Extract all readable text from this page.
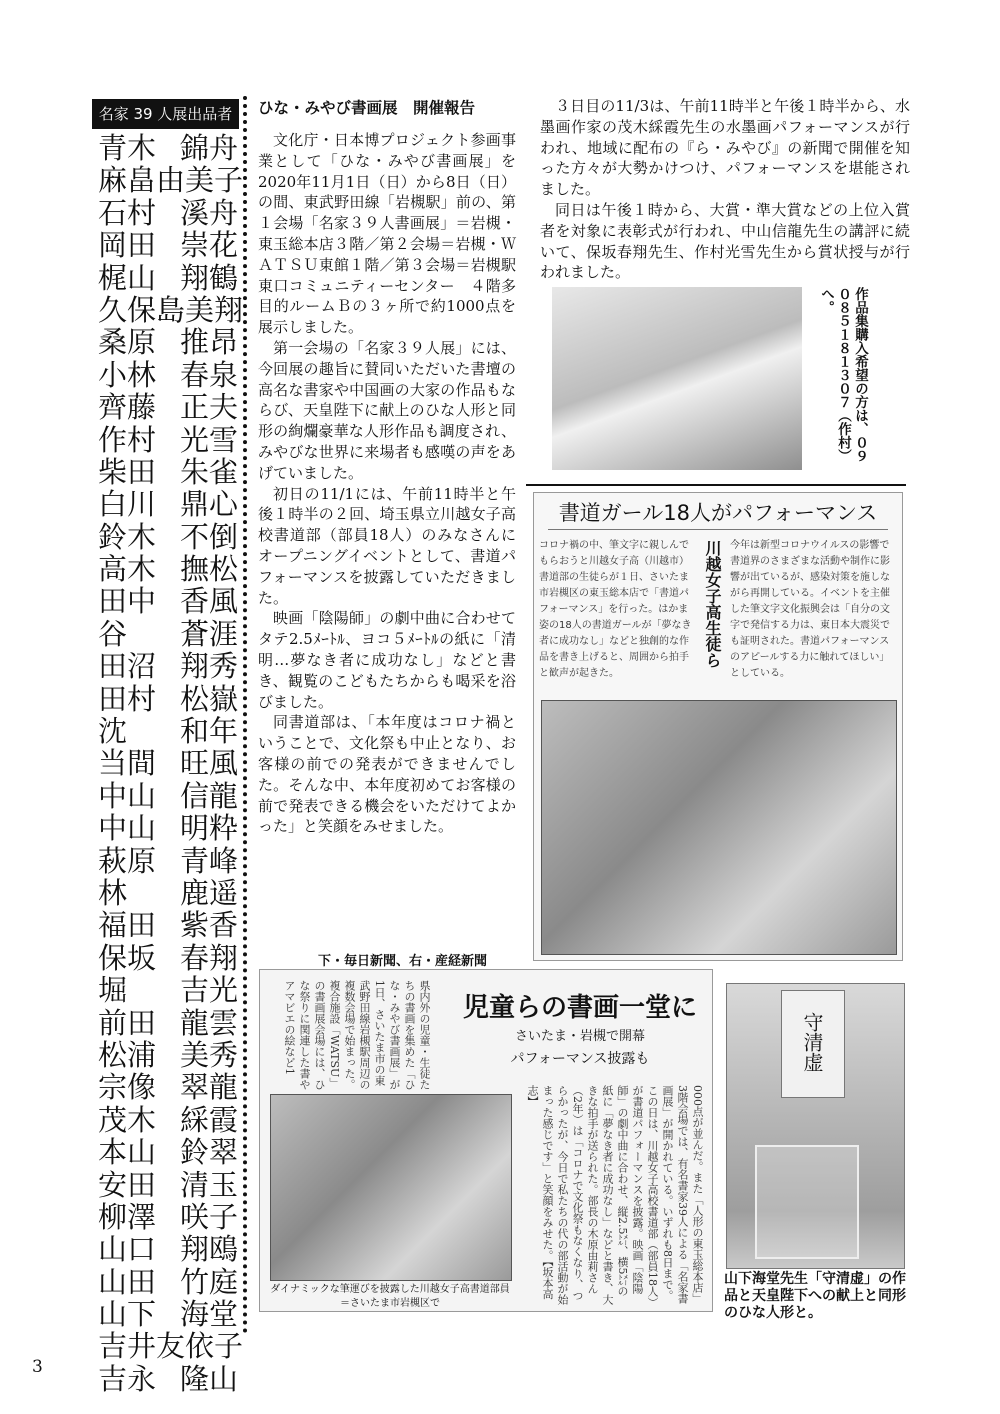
名家 39 人展出品者
青木 錦舟
麻畠由 美子
石村 溪舟
岡田 崇花
梶山 翔鶴
久保島 美翔
桑原 推昂
小林 春泉
齊藤 正夫
作村 光雪
柴田 朱雀
白川 鼎心
鈴木 不倒
高木 撫松
田中 香風
谷 蒼涯
田沼 翔秀
田村 松嶽
沈 和年
当間 旺風
中山 信龍
中山 明粋
萩原 青峰
林 鹿遥
福田 紫香
保坂 春翔
堀 吉光
前田 龍雲
松浦 美秀
宗像 翠龍
茂木 綵霞
本山 鈴翠
安田 清玉
柳澤 咲子
山口 翔鴎
山田 竹庭
山下 海堂
吉井友 依子
吉永 隆山
ひな・みやび書画展　開催報告

文化庁・日本博プロジェクト参画事業として「ひな・みやび書画展」を2020年11月1日（日）から8日（日）の間、東武野田線「岩槻駅」前の、第１会場「名家３９人書画展」＝岩槻・東玉総本店３階／第２会場＝岩槻・ＷＡＴＳＵ東館１階／第３会場＝岩槻駅東口コミュニティーセンター　４階多目的ルームＢの３ヶ所で約1000点を展示しました。

第一会場の「名家３９人展」には、今回展の趣旨に賛同いただいた書壇の高名な書家や中国画の大家の作品もならび、天皇陛下に献上のひな人形と同形の絢爛豪華な人形作品も調度され、みやびな世界に来場者も感嘆の声をあげていました。

初日の11/1には、午前11時半と午後１時半の２回、埼玉県立川越女子高校書道部（部員18人）のみなさんにオープニングイベントとして、書道パフォーマンスを披露していただきました。

映画「陰陽師」の劇中曲に合わせてタテ2.5ﾒｰﾄﾙ、ヨコ５ﾒｰﾄﾙの紙に「清明…夢なき者に成功なし」などと書き、観覧のこどもたちからも喝采を浴びました。

同書道部は、「本年度はコロナ禍ということで、文化祭も中止となり、お客様の前での発表ができませんでした。そんな中、本年度初めてお客様の前で発表できる機会をいただけてよかった」と笑顔をみせました。

３日目の11/3は、午前11時半と午後１時半から、水墨画作家の茂木綵霞先生の水墨画パフォーマンスが行われ、地域に配布の『ら・みやび』の新聞で開催を知った方々が大勢かけつけ、パフォーマンスを堪能されました。

同日は午後１時から、大賞・準大賞などの上位入賞者を対象に表彰式が行われ、中山信龍先生の講評に続いて、保坂春翔先生、作村光雪先生から賞状授与が行われました。

作品集購入希望の方は、０９０８５１８１３０７（作村）へ。
書道ガール18人がパフォーマンス
コロナ禍の中、筆文字に親しんでもらおうと川越女子高（川越市）書道部の生徒らが１日、さいたま市岩槻区の東玉総本店で「書道パフォーマンス」を行った。はかま姿の18人の書道ガールが「夢なき者に成功なし」などと独創的な作品を書き上げると、周囲から拍手と歓声が起きた。
川越女子高生徒ら 今年は新型コロナウイルスの影響で書道界のさまざまな活動や制作に影響が出ているが、感染対策を施しながら再開している。イベントを主催した筆文字文化振興会は「自分の文字で発信する力は、東日本大震災でも証明された。書道パフォーマンスのアピールする力に触れてほしい」としている。
下・毎日新聞、右・産経新聞
県内外の児童・生徒たちの書画を集めた「ひな・みやび書画展」が1日、さいたま市の東武野田線岩槻駅周辺の複数会場で始まった。複合施設「WATSU」の書画展会場には、ひな祭りに関連した書やアマビエの絵など1	児童らの書画一堂に
さいたま・岩槻で開幕
パフォーマンス披露も
ダイナミックな筆運びを披露した川越女子高書道部員＝さいたま市岩槻区で	000点が並んだ。また「人形の東玉総本店」3階会場では、有名書家39人による「名家書画展」が開かれている。いずれも8日まで。この日は、川越女子高校書道部（部員18人）が書道パフォーマンスを披露。映画「陰陽師」の劇中曲に合わせ、縦2.5㍍、横5㍍の紙に「夢なき者に成功なし」などと書き、大きな拍手が送られた。部長の木原由莉さん（2年）は「コロナで文化祭もなくなり、つらかったが、今日で私たちの代の部活動が始まった感じです」と笑顔をみせた。【坂本高志】
守清虚
山下海堂先生「守清虚」の作品と天皇陛下への献上と同形のひな人形と。
3
